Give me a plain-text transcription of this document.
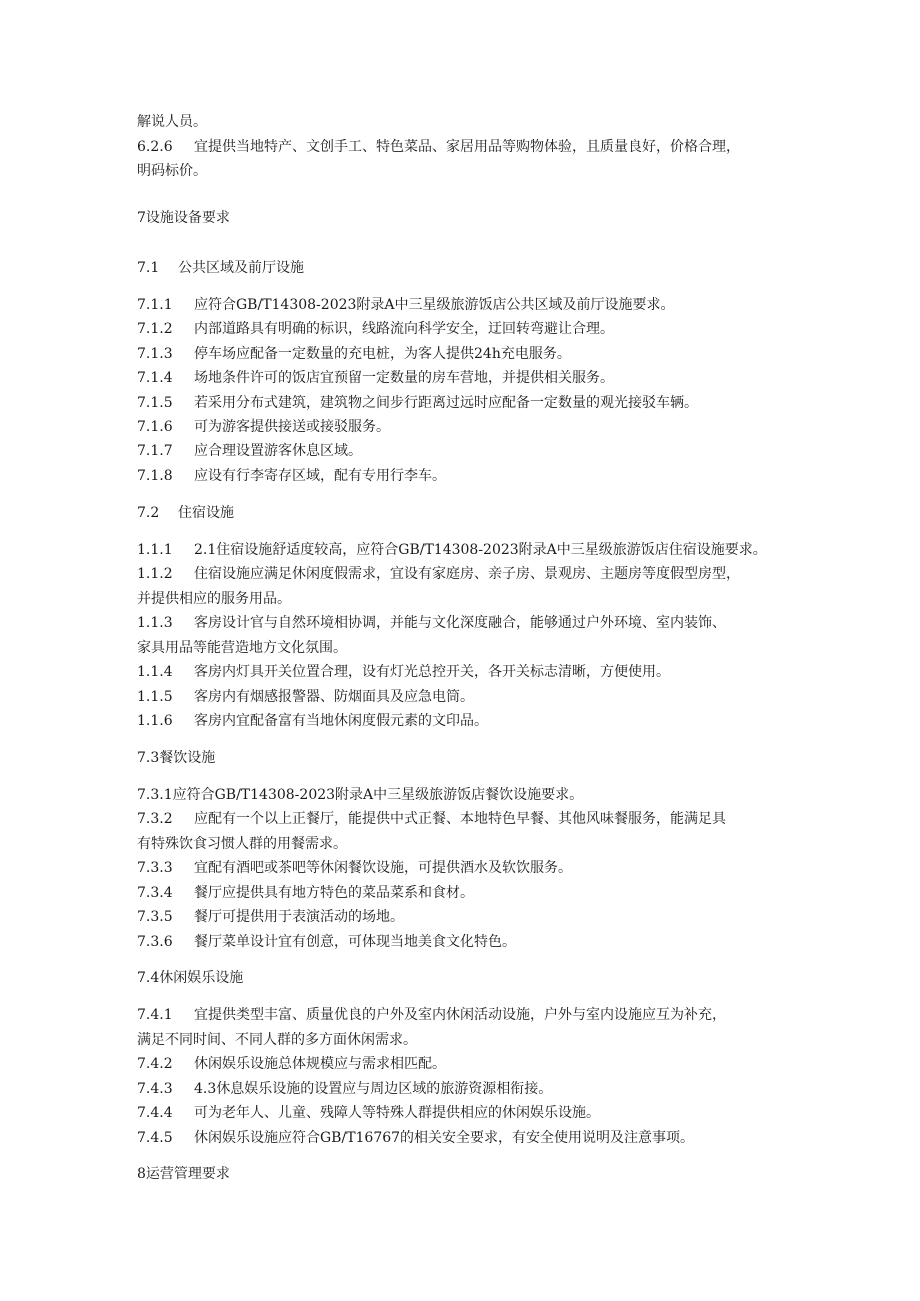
解说人员。
6.2.6 宜提供当地特产、文创手工、特色菜品、家居用品等购物体验，且质量良好，价格合理，
明码标价。
7设施设备要求
7.1 公共区域及前厅设施
7.1.1 应符合GB/T14308-2023附录A中三星级旅游饭店公共区域及前厅设施要求。
7.1.2 内部道路具有明确的标识，线路流向科学安全，迂回转弯避让合理。
7.1.3 停车场应配备一定数量的充电桩，为客人提供24h充电服务。
7.1.4 场地条件许可的饭店宜预留一定数量的房车营地，并提供相关服务。
7.1.5 若采用分布式建筑，建筑物之间步行距离过远时应配备一定数量的观光接驳车辆。
7.1.6 可为游客提供接送或接驳服务。
7.1.7 应合理设置游客休息区域。
7.1.8 应设有行李寄存区域，配有专用行李车。
7.2 住宿设施
1.1.1 2.1住宿设施舒适度较高，应符合GB/T14308-2023附录A中三星级旅游饭店住宿设施要求。
1.1.2 住宿设施应满足休闲度假需求，宜设有家庭房、亲子房、景观房、主题房等度假型房型，
并提供相应的服务用品。
1.1.3 客房设计官与自然环境相协调，并能与文化深度融合，能够通过户外环境、室内装饰、
家具用品等能营造地方文化氛围。
1.1.4 客房内灯具开关位置合理，设有灯光总控开关，各开关标志清晰，方便使用。
1.1.5 客房内有烟感报警器、防烟面具及应急电筒。
1.1.6 客房内宜配备富有当地休闲度假元素的文印品。
7.3餐饮设施
7.3.1应符合GB/T14308-2023附录A中三星级旅游饭店餐饮设施要求。
7.3.2 应配有一个以上正餐厅，能提供中式正餐、本地特色早餐、其他风味餐服务，能满足具
有特殊饮食习惯人群的用餐需求。
7.3.3 宜配有酒吧或茶吧等休闲餐饮设施，可提供酒水及软饮服务。
7.3.4 餐厅应提供具有地方特色的菜品菜系和食材。
7.3.5 餐厅可提供用于表演活动的场地。
7.3.6 餐厅菜单设计宜有创意，可体现当地美食文化特色。
7.4休闲娱乐设施
7.4.1 宜提供类型丰富、质量优良的户外及室内休闲活动设施，户外与室内设施应互为补充，
满足不同时间、不同人群的多方面休闲需求。
7.4.2 休闲娱乐设施总体规模应与需求相匹配。
7.4.3 4.3休息娱乐设施的设置应与周边区域的旅游资源相衔接。
7.4.4 可为老年人、儿童、残障人等特殊人群提供相应的休闲娱乐设施。
7.4.5 休闲娱乐设施应符合GB/T16767的相关安全要求，有安全使用说明及注意事项。
8运营管理要求
